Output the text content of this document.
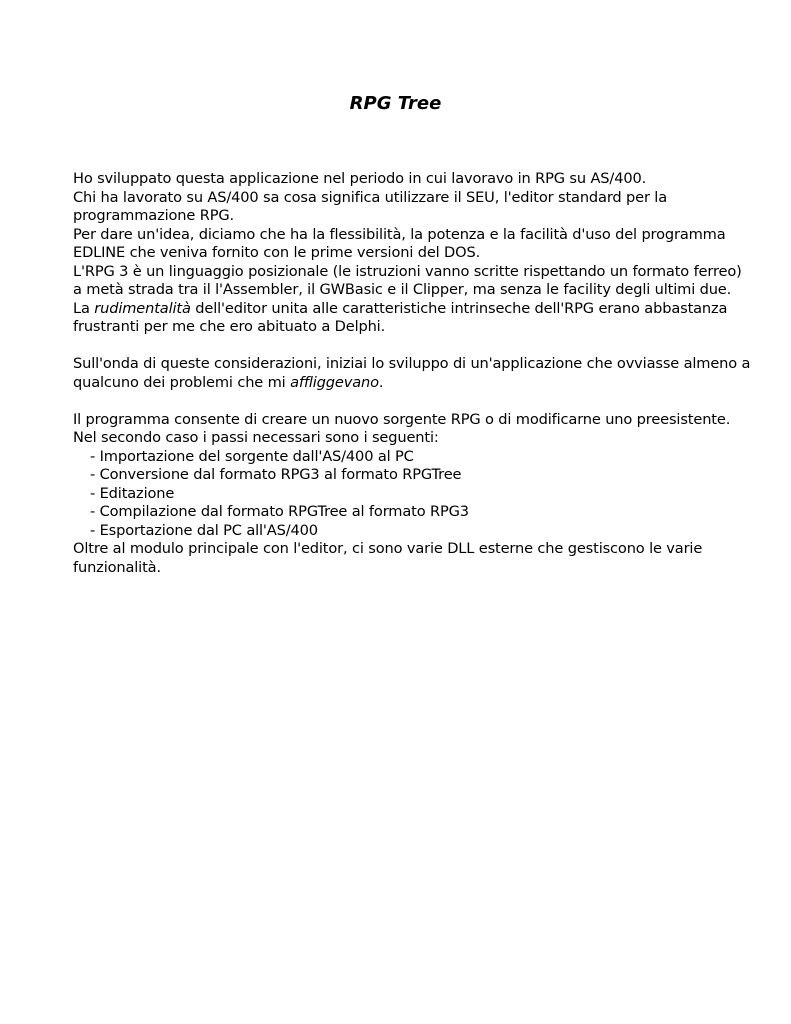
RPG Tree
Ho sviluppato questa applicazione nel periodo in cui lavoravo in RPG su AS/400.
Chi ha lavorato su AS/400 sa cosa significa utilizzare il SEU, l'editor standard per la
programmazione RPG.
Per dare un'idea, diciamo che ha la flessibilità, la potenza e la facilità d'uso del programma
EDLINE che veniva fornito con le prime versioni del DOS.
L'RPG 3 è un linguaggio posizionale (le istruzioni vanno scritte rispettando un formato ferreo)
a metà strada tra il l'Assembler, il GWBasic e il Clipper, ma senza le facility degli ultimi due.
La rudimentalità dell'editor unita alle caratteristiche intrinseche dell'RPG erano abbastanza
frustranti per me che ero abituato a Delphi.
Sull'onda di queste considerazioni, iniziai lo sviluppo di un'applicazione che ovviasse almeno a
qualcuno dei problemi che mi affliggevano.
Il programma consente di creare un nuovo sorgente RPG o di modificarne uno preesistente.
Nel secondo caso i passi necessari sono i seguenti:
- Importazione del sorgente dall'AS/400 al PC
- Conversione dal formato RPG3 al formato RPGTree
- Editazione
- Compilazione dal formato RPGTree al formato RPG3
- Esportazione dal PC all'AS/400
Oltre al modulo principale con l'editor, ci sono varie DLL esterne che gestiscono le varie
funzionalità.
